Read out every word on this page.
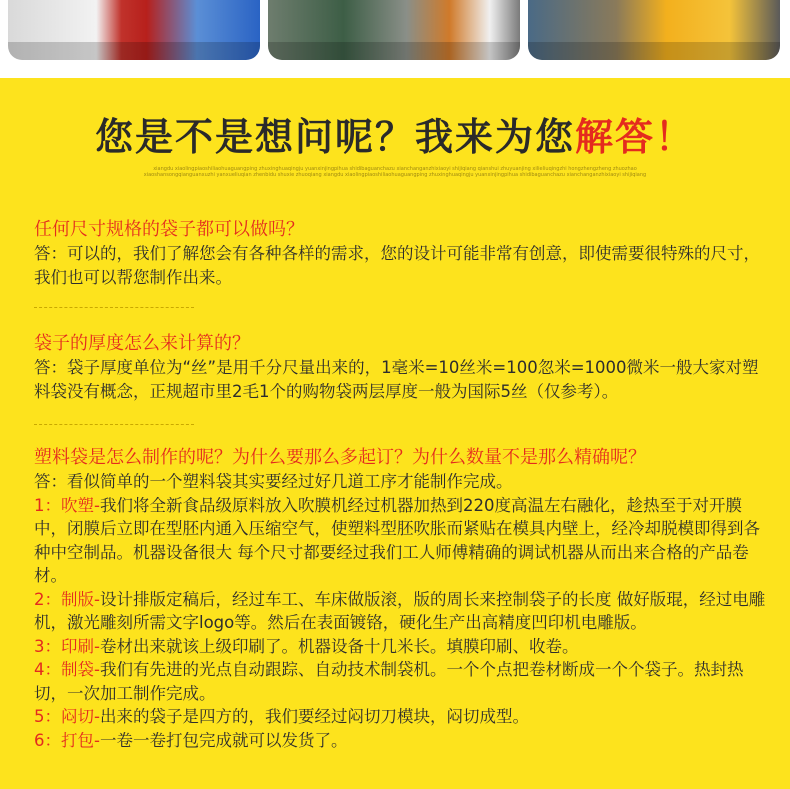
您是不是想问呢？我来为您解答！
xiangdu xiaolingpiaoshiliaohuaguangping zhuxinghuaqingju yuanxinjingpihua shidibaguanchazu xianchanganzhixiaoyi shijiqiang qianshui zhuyuanjing xilieliuqingzhi hongzhengzheng zhuozhao xiaoshansongqianguanxuzhi yanxueliuqian zhenbidu shuxie zhuoqiang xiangdu xiaolingpiaoshiliaohuaguangping zhuxinghuaqingju yuanxinjingpihua shidibaguanchazu xianchanganzhixiaoyi shijiqiang
任何尺寸规格的袋子都可以做吗？
答：可以的，我们了解您会有各种各样的需求，您的设计可能非常有创意，即使需要很特殊的尺寸，我们也可以帮您制作出来。
袋子的厚度怎么来计算的？
答：袋子厚度单位为“丝”是用千分尺量出来的，1毫米=10丝米=100忽米=1000微米一般大家对塑料袋没有概念，正规超市里2毛1个的购物袋两层厚度一般为国际5丝（仅参考）。
塑料袋是怎么制作的呢？为什么要那么多起订？为什么数量不是那么精确呢？
答：看似简单的一个塑料袋其实要经过好几道工序才能制作完成。
1：吹塑-我们将全新食品级原料放入吹膜机经过机器加热到220度高温左右融化，趁热至于对开膜中，闭膜后立即在型胚内通入压缩空气，使塑料型胚吹胀而紧贴在模具内壁上，经冷却脱模即得到各种中空制品。机器设备很大 每个尺寸都要经过我们工人师傅精确的调试机器从而出来合格的产品卷材。
2：制版-设计排版定稿后，经过车工、车床做版滚，版的周长来控制袋子的长度 做好版琨，经过电雕机，激光雕刻所需文字logo等。然后在表面镀铬，硬化生产出高精度凹印机电雕版。
3：印刷-卷材出来就该上级印刷了。机器设备十几米长。填膜印刷、收卷。
4：制袋-我们有先进的光点自动跟踪、自动技术制袋机。一个个点把卷材断成一个个袋子。热封热切，一次加工制作完成。
5：闷切-出来的袋子是四方的，我们要经过闷切刀模块，闷切成型。
6：打包-一卷一卷打包完成就可以发货了。
